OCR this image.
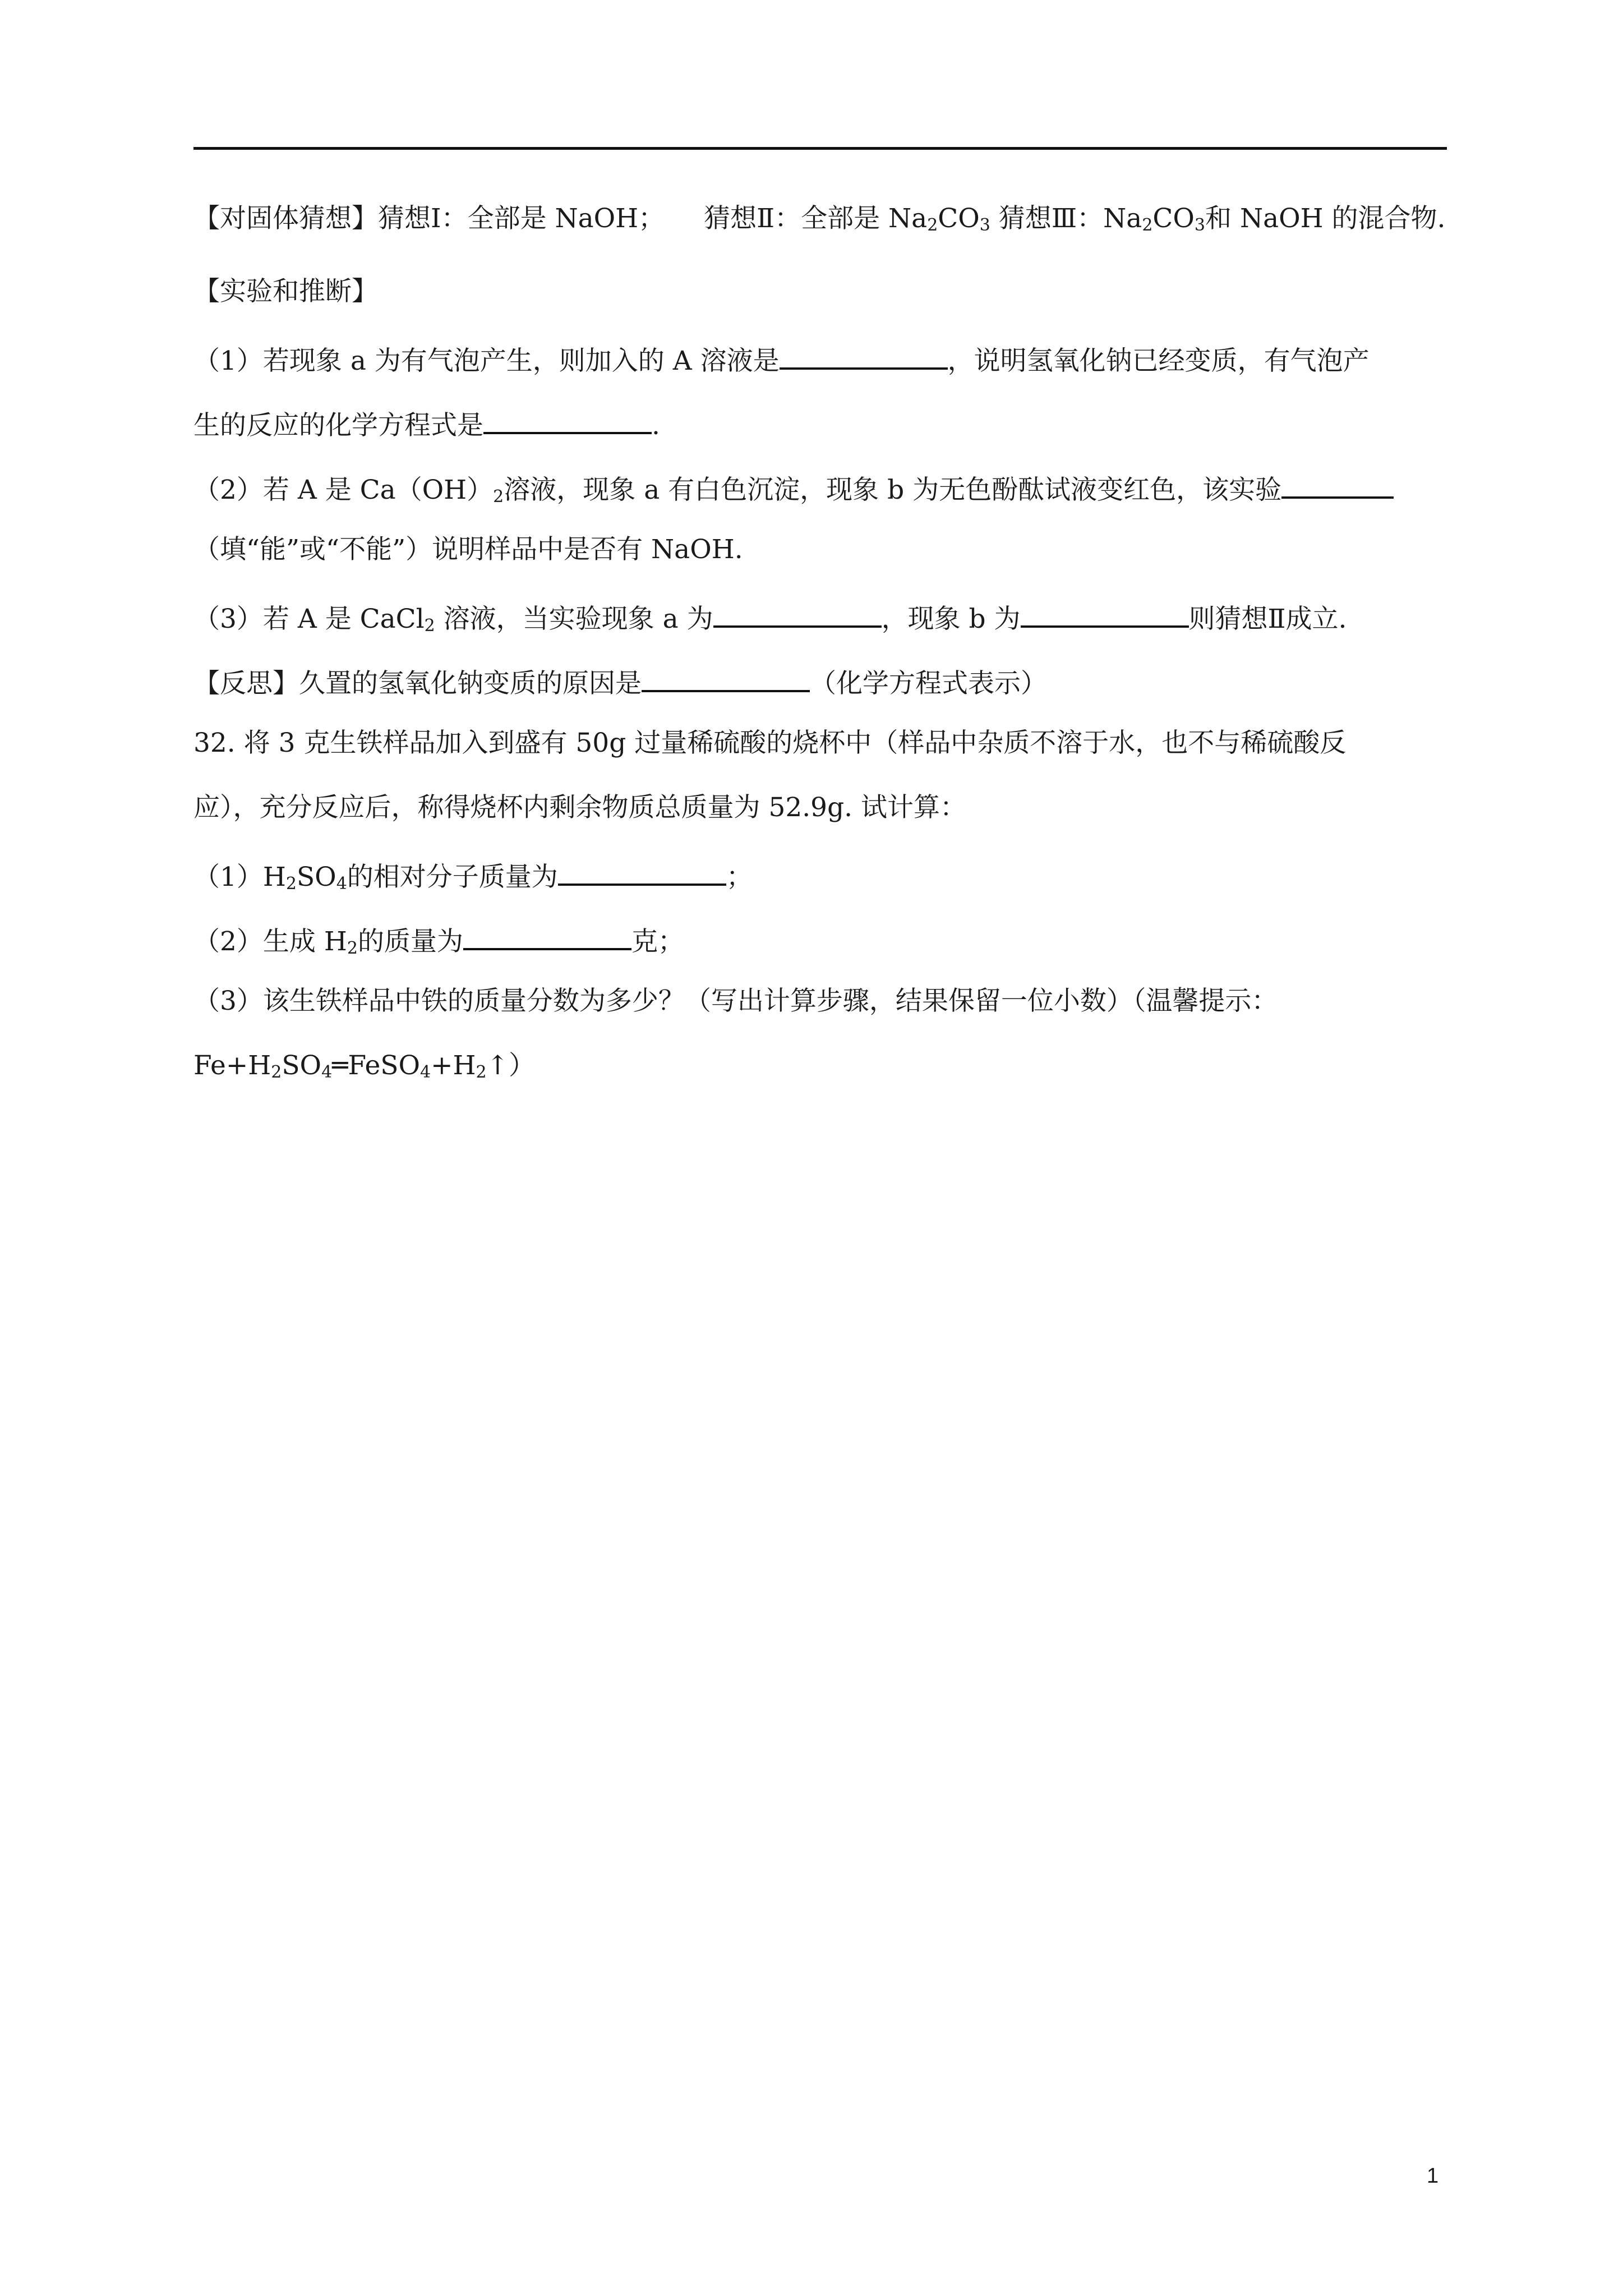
【对固体猜想】猜想Ⅰ：全部是 NaOH； 猜想Ⅱ：全部是 $Na_2CO_3$ 猜想Ⅲ：$Na_2CO_3$和 NaOH 的混合物.
【实验和推断】
（1）若现象 a 为有气泡产生，则加入的 A 溶液是	，说明氢氧化钠已经变质，有气泡产
生的反应的化学方程式是	.
（2）若 A 是 $Ca(OH)_2$溶液，现象 a 有白色沉淀，现象 b 为无色酚酞试液变红色，该实验
（填“能”或“不能”）说明样品中是否有 NaOH.
（3）若 A 是 CaCl$_2$ 溶液，当实验现象 a 为	，现象 b 为	则猜想Ⅱ成立.
【反思】久置的氢氧化钠变质的原因是	（化学方程式表示）
32. 将 3 克生铁样品加入到盛有 50g 过量稀硫酸的烧杯中（样品中杂质不溶于水，也不与稀硫酸反
应），充分反应后，称得烧杯内剩余物质总质量为 52.9g. 试计算：
$(1)H_2SO_4$的相对分子质量为	；
（2）生成 $H_2$的质量为	克；
（3）该生铁样品中铁的质量分数为多少？（写出计算步骤，结果保留一位小数）（温馨提示：
$Fe+H_2SO_4═FeSO_4+H_2↑$）
1
